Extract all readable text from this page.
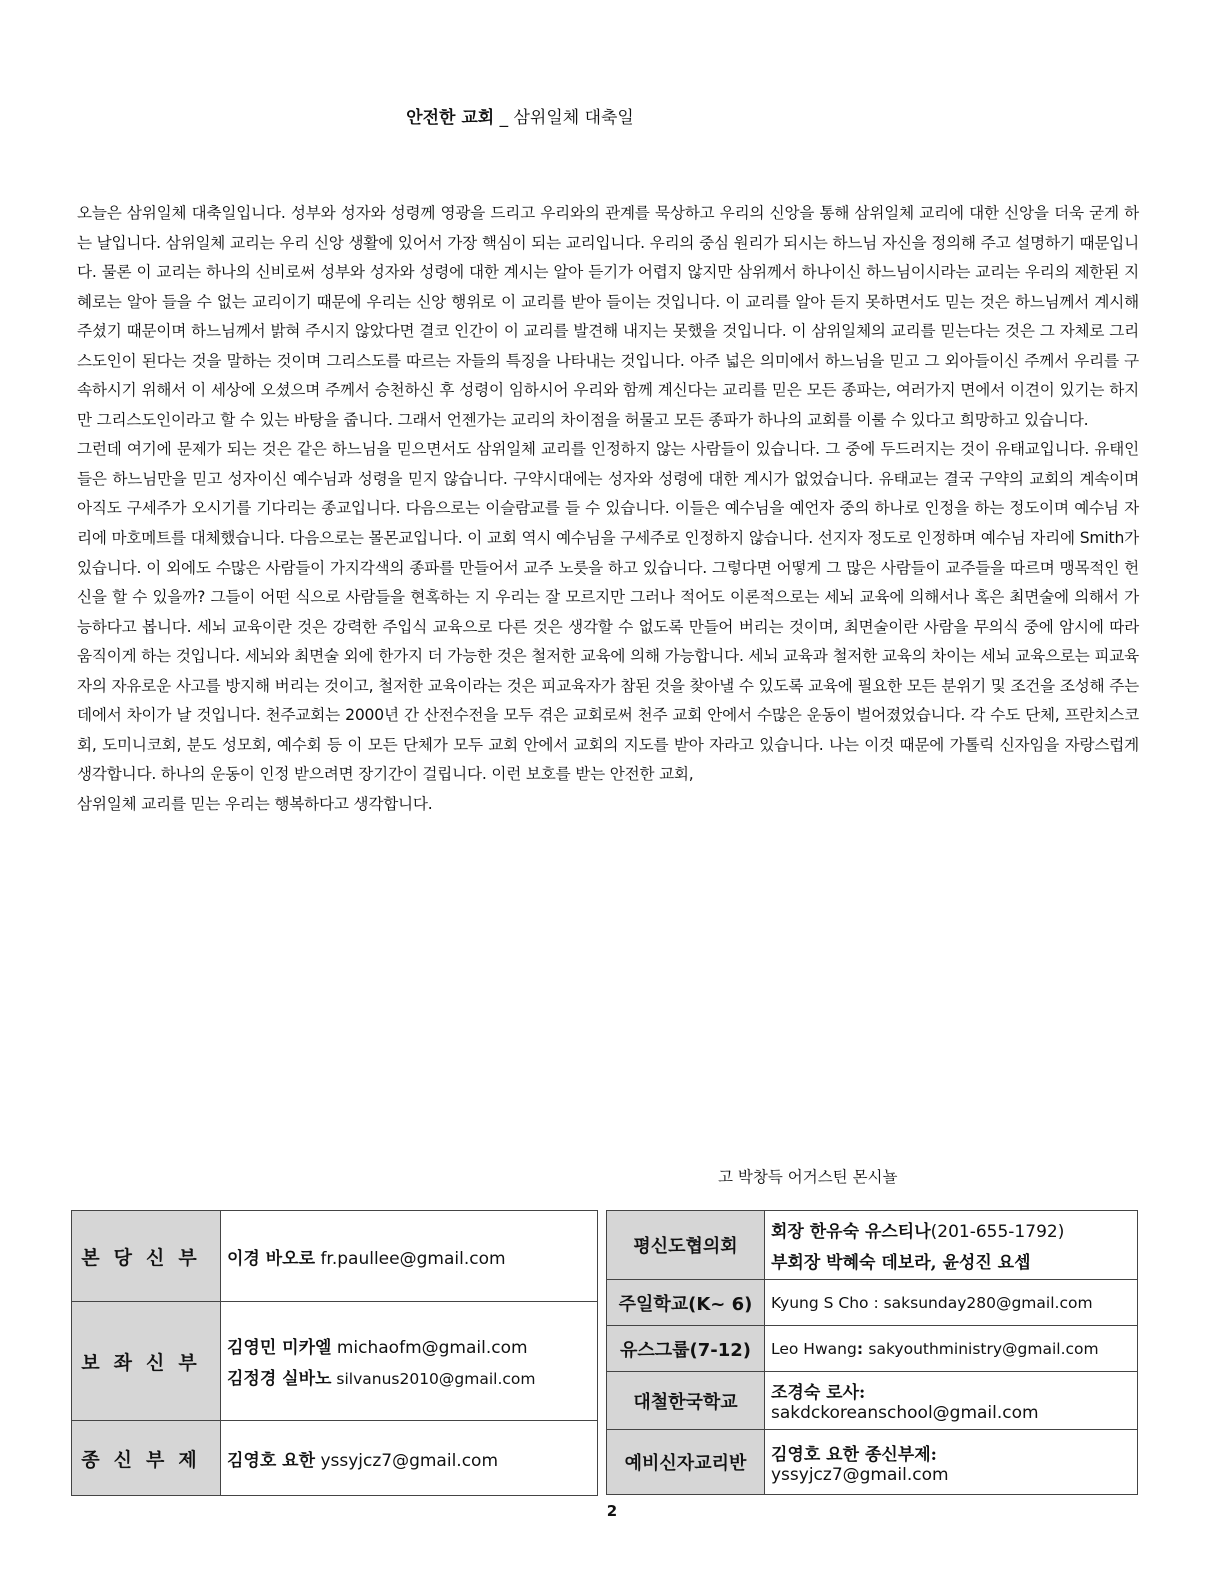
안전한 교회 _ 삼위일체 대축일

오늘은 삼위일체 대축일입니다. 성부와 성자와 성령께 영광을 드리고 우리와의 관계를 묵상하고 우리의 신앙을 통해 삼위일체 교리에 대한 신앙을 더욱 굳게 하는 날입니다. 삼위일체 교리는 우리 신앙 생활에 있어서 가장 핵심이 되는 교리입니다. 우리의 중심 원리가 되시는 하느님 자신을 정의해 주고 설명하기 때문입니다. 물론 이 교리는 하나의 신비로써 성부와 성자와 성령에 대한 계시는 알아 듣기가 어렵지 않지만 삼위께서 하나이신 하느님이시라는 교리는 우리의 제한된 지혜로는 알아 들을 수 없는 교리이기 때문에 우리는 신앙 행위로 이 교리를 받아 들이는 것입니다. 이 교리를 알아 듣지 못하면서도 믿는 것은 하느님께서 계시해 주셨기 때문이며 하느님께서 밝혀 주시지 않았다면 결코 인간이 이 교리를 발견해 내지는 못했을 것입니다. 이 삼위일체의 교리를 믿는다는 것은 그 자체로 그리스도인이 된다는 것을 말하는 것이며 그리스도를 따르는 자들의 특징을 나타내는 것입니다. 아주 넓은 의미에서 하느님을 믿고 그 외아들이신 주께서 우리를 구속하시기 위해서 이 세상에 오셨으며 주께서 승천하신 후 성령이 임하시어 우리와 함께 계신다는 교리를 믿은 모든 종파는, 여러가지 면에서 이견이 있기는 하지만 그리스도인이라고 할 수 있는 바탕을 줍니다. 그래서 언젠가는 교리의 차이점을 허물고 모든 종파가 하나의 교회를 이룰 수 있다고 희망하고 있습니다.

그런데 여기에 문제가 되는 것은 같은 하느님을 믿으면서도 삼위일체 교리를 인정하지 않는 사람들이 있습니다. 그 중에 두드러지는 것이 유태교입니다. 유태인들은 하느님만을 믿고 성자이신 예수님과 성령을 믿지 않습니다. 구약시대에는 성자와 성령에 대한 계시가 없었습니다. 유태교는 결국 구약의 교회의 계속이며 아직도 구세주가 오시기를 기다리는 종교입니다. 다음으로는 이슬람교를 들 수 있습니다. 이들은 예수님을 예언자 중의 하나로 인정을 하는 정도이며 예수님 자리에 마호메트를 대체했습니다. 다음으로는 몰몬교입니다. 이 교회 역시 예수님을 구세주로 인정하지 않습니다. 선지자 정도로 인정하며 예수님 자리에 Smith가 있습니다. 이 외에도 수많은 사람들이 가지각색의 종파를 만들어서 교주 노릇을 하고 있습니다. 그렇다면 어떻게 그 많은 사람들이 교주들을 따르며 맹목적인 헌신을 할 수 있을까? 그들이 어떤 식으로 사람들을 현혹하는 지 우리는 잘 모르지만 그러나 적어도 이론적으로는 세뇌 교육에 의해서나 혹은 최면술에 의해서 가능하다고 봅니다. 세뇌 교육이란 것은 강력한 주입식 교육으로 다른 것은 생각할 수 없도록 만들어 버리는 것이며, 최면술이란 사람을 무의식 중에 암시에 따라 움직이게 하는 것입니다. 세뇌와 최면술 외에 한가지 더 가능한 것은 철저한 교육에 의해 가능합니다. 세뇌 교육과 철저한 교육의 차이는 세뇌 교육으로는 피교육자의 자유로운 사고를 방지해 버리는 것이고, 철저한 교육이라는 것은 피교육자가 참된 것을 찾아낼 수 있도록 교육에 필요한 모든 분위기 및 조건을 조성해 주는 데에서 차이가 날 것입니다. 천주교회는 2000년 간 산전수전을 모두 겪은 교회로써 천주 교회 안에서 수많은 운동이 벌어졌었습니다. 각 수도 단체, 프란치스코회, 도미니코회, 분도 성모회, 예수회 등 이 모든 단체가 모두 교회 안에서 교회의 지도를 받아 자라고 있습니다. 나는 이것 때문에 가톨릭 신자임을 자랑스럽게 생각합니다. 하나의 운동이 인정 받으려면 장기간이 걸립니다. 이런 보호를 받는 안전한 교회,

삼위일체 교리를 믿는 우리는 행복하다고 생각합니다.

고 박창득 어거스틴 몬시뇰
본당신부	이경 바오로 fr.paullee@gmail.com
보좌신부	김영민 미카엘 michaofm@gmail.com
김정경 실바노 silvanus2010@gmail.com

종신부제	김영호 요한 yssyjcz7@gmail.com
평신도협의회	회장 한유숙 유스티나(201-655-1792)
부회장 박혜숙 데보라, 윤성진 요셉

주일학교(K~ 6)	Kyung S Cho : saksunday280@gmail.com
유스그룹(7-12)	Leo Hwang: sakyouthministry@gmail.com
대철한국학교	조경숙 로사:
sakdckoreanschool@gmail.com

예비신자교리반	김영호 요한 종신부제:
yssyjcz7@gmail.com
2
